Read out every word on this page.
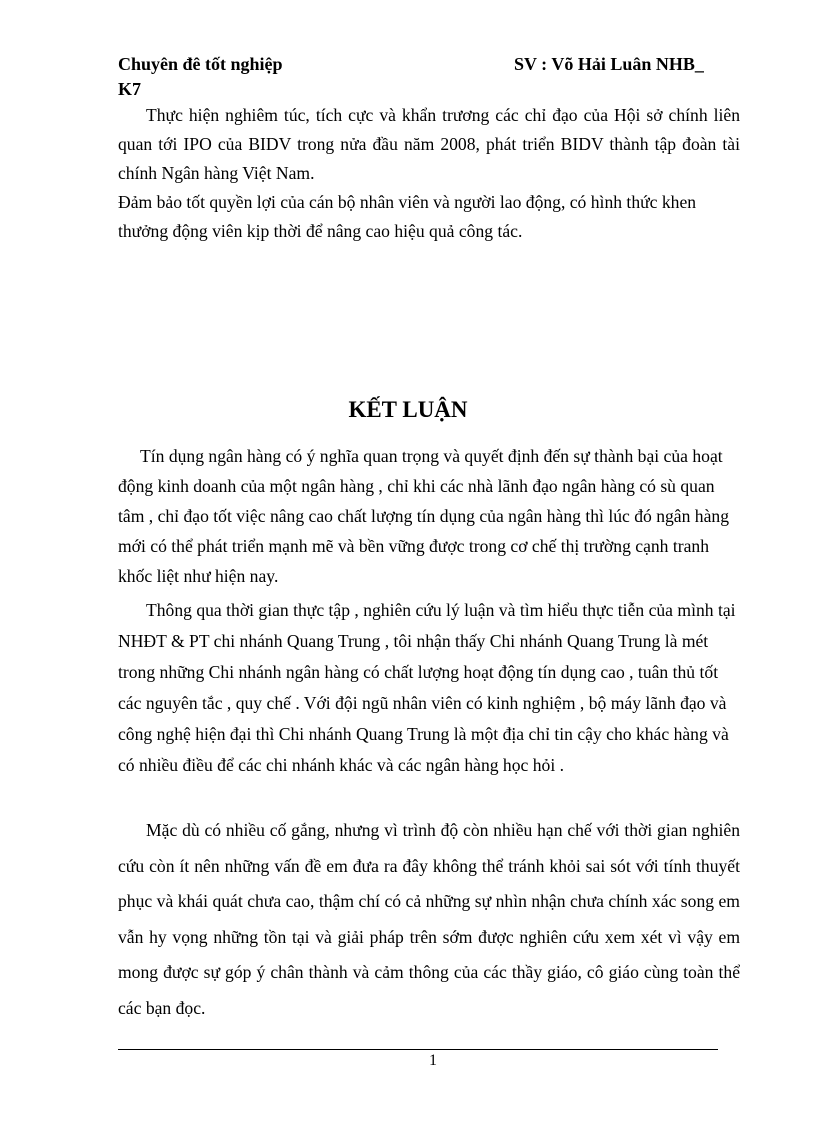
Chuyên đê tốt nghiệp
K7
SV : Võ Hải Luân NHB_
Thực hiện nghiêm túc, tích cực và khẩn trương các chỉ đạo của Hội sở chính liên quan tới IPO của BIDV trong nửa đầu năm 2008, phát triển BIDV thành tập đoàn tài chính Ngân hàng Việt Nam.
Đảm bảo tốt quyền lợi của cán bộ nhân viên và người lao động, có hình thức khen thưởng động viên kịp thời để nâng cao hiệu quả công tác.
KẾT LUẬN
Tín dụng ngân hàng có ý nghĩa quan trọng và quyết định đến sự thành bại của hoạt động kinh doanh của một ngân hàng , chỉ khi các nhà lãnh đạo ngân hàng có sù quan tâm , chỉ đạo tốt việc nâng cao chất lượng tín dụng của ngân hàng thì lúc đó ngân hàng mới có thể phát triển mạnh mẽ và bền vững được trong cơ chế thị trường cạnh tranh khốc liệt như hiện nay.
Thông qua thời gian thực tập , nghiên cứu lý luận và tìm hiểu thực tiễn của mình tại NHĐT & PT chi nhánh Quang Trung , tôi nhận thấy Chi nhánh Quang Trung là mét trong những Chi nhánh ngân hàng có chất lượng hoạt động tín dụng cao , tuân thủ tốt các nguyên tắc , quy chế . Với đội ngũ nhân viên có kinh nghiệm , bộ máy lãnh đạo và công nghệ hiện đại thì Chi nhánh Quang Trung là một địa chỉ tin cậy cho khác hàng và có nhiều điều để các chi nhánh khác và các ngân hàng học hỏi .
Mặc dù có nhiều cố gắng, nhưng vì trình độ còn nhiều hạn chế với thời gian nghiên cứu còn ít nên những vấn đề em đưa ra đây không thể tránh khỏi sai sót với tính thuyết phục và khái quát chưa cao, thậm chí có cả những sự nhìn nhận chưa chính xác song em vẫn hy vọng những tồn tại và giải pháp trên sớm được nghiên cứu xem xét vì vậy em mong được sự góp ý chân thành và cảm thông của các thầy giáo, cô giáo cùng toàn thể các bạn đọc.
1
